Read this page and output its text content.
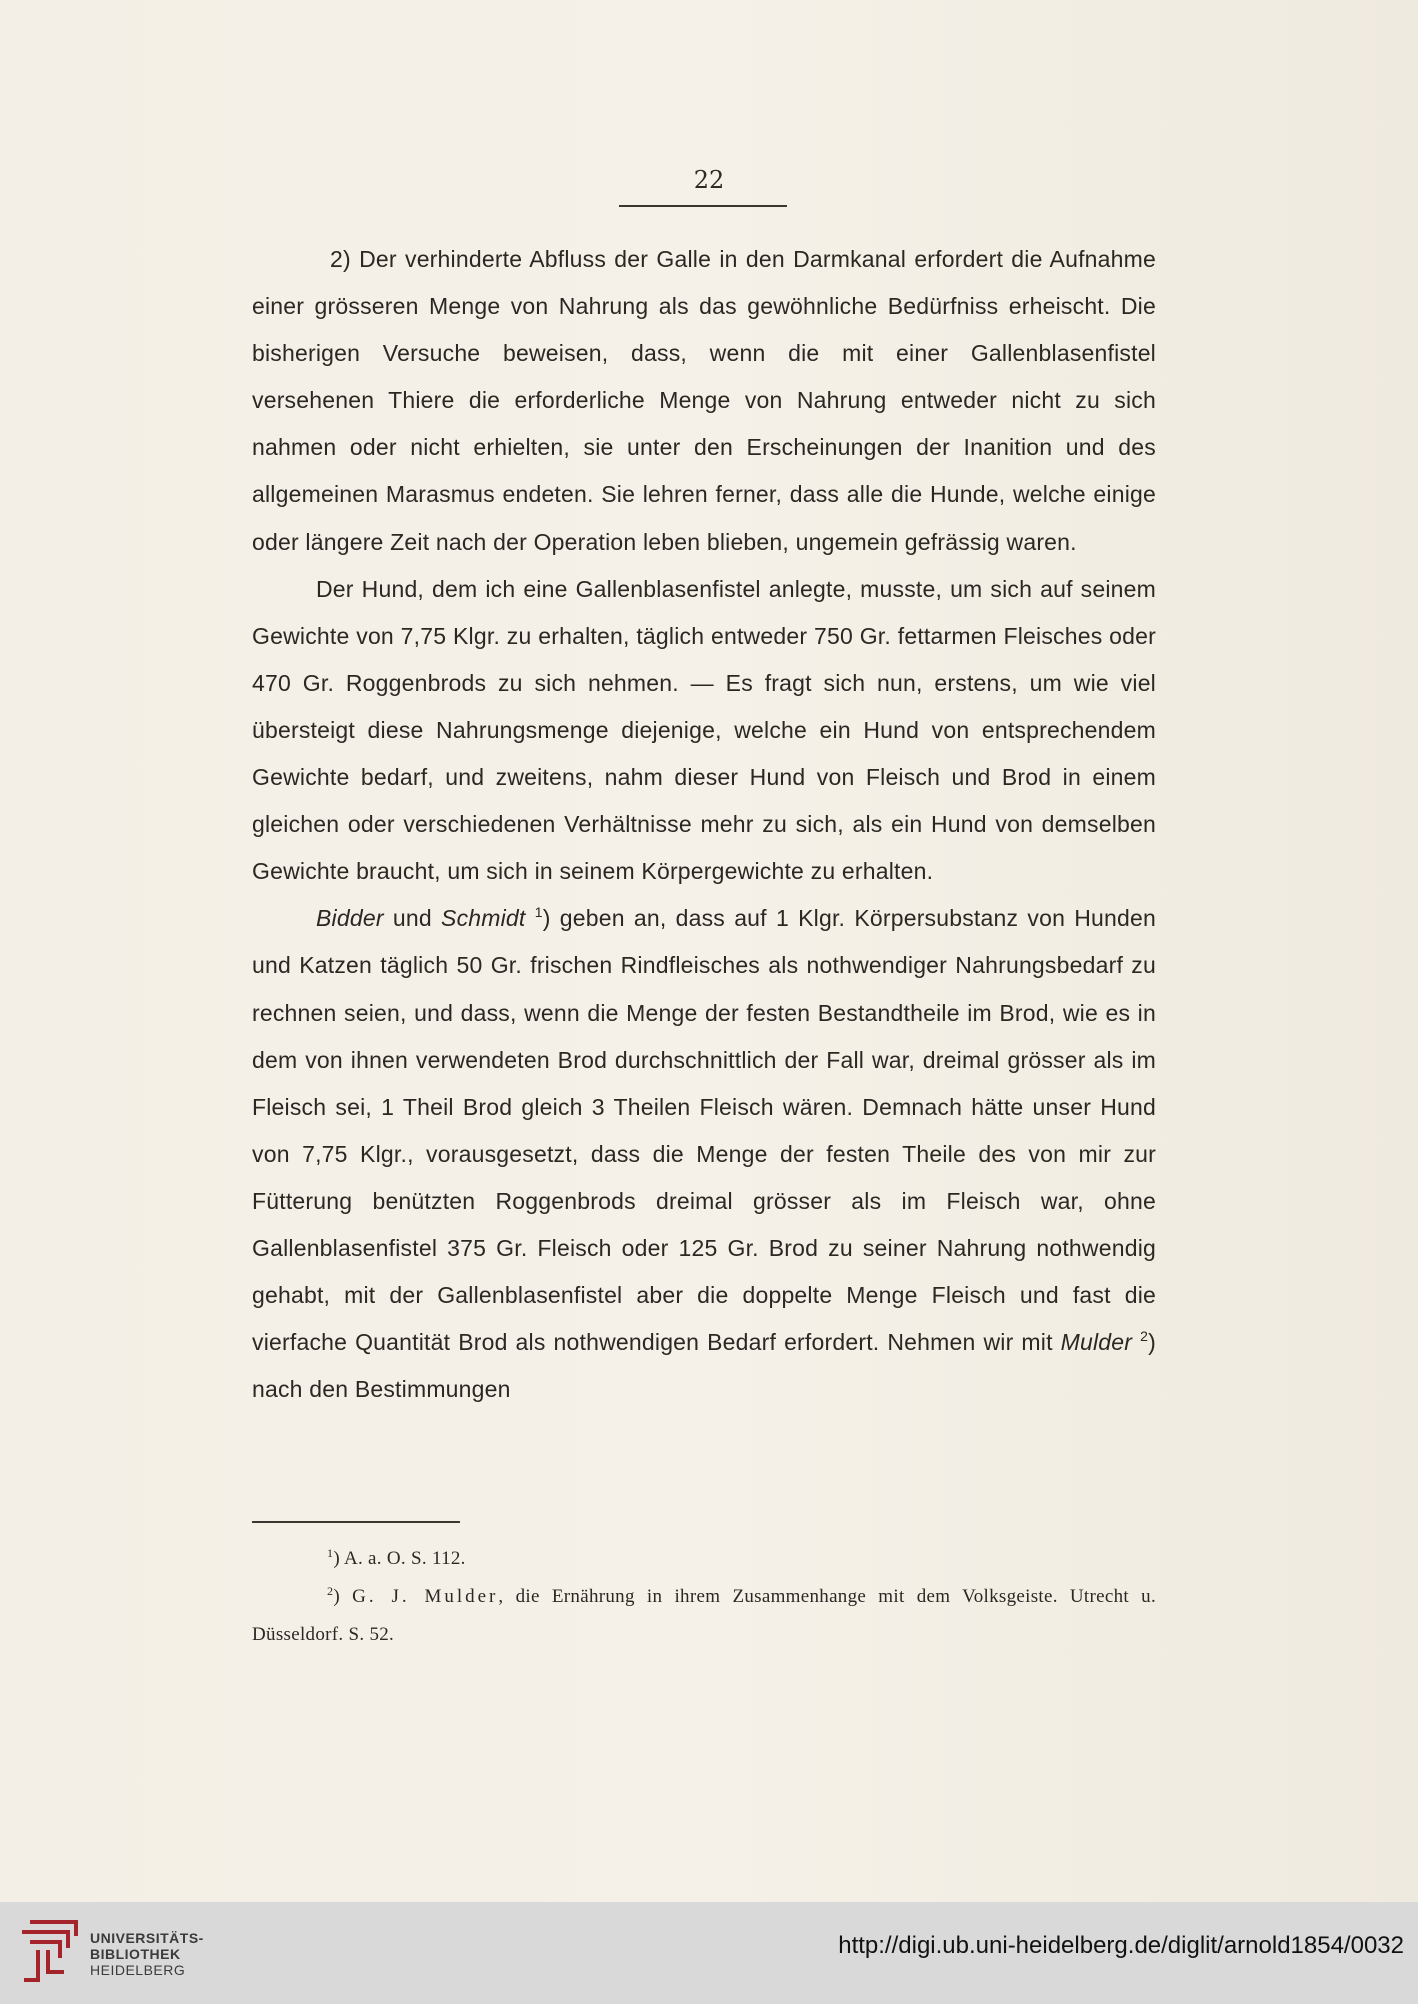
22

2) Der verhinderte Abfluss der Galle in den Darmkanal erfordert die Aufnahme einer grösseren Menge von Nahrung als das gewöhnliche Bedürfniss erheischt. Die bisherigen Versuche beweisen, dass, wenn die mit einer Gallenblasenfistel versehenen Thiere die erforderliche Menge von Nahrung entweder nicht zu sich nahmen oder nicht erhielten, sie unter den Erscheinungen der Inanition und des allgemeinen Marasmus endeten. Sie lehren ferner, dass alle die Hunde, welche einige oder längere Zeit nach der Operation leben blieben, ungemein gefrässig waren.

Der Hund, dem ich eine Gallenblasenfistel anlegte, musste, um sich auf seinem Gewichte von 7,75 Klgr. zu erhalten, täglich entweder 750 Gr. fettarmen Fleisches oder 470 Gr. Roggenbrods zu sich nehmen. — Es fragt sich nun, erstens, um wie viel übersteigt diese Nahrungsmenge diejenige, welche ein Hund von entsprechendem Gewichte bedarf, und zweitens, nahm dieser Hund von Fleisch und Brod in einem gleichen oder verschiedenen Verhältnisse mehr zu sich, als ein Hund von demselben Gewichte braucht, um sich in seinem Körpergewichte zu erhalten.

Bidder und Schmidt $^1$) geben an, dass auf 1 Klgr. Körpersubstanz von Hunden und Katzen täglich 50 Gr. frischen Rindfleisches als nothwendiger Nahrungsbedarf zu rechnen seien, und dass, wenn die Menge der festen Bestandtheile im Brod, wie es in dem von ihnen verwendeten Brod durchschnittlich der Fall war, dreimal grösser als im Fleisch sei, 1 Theil Brod gleich 3 Theilen Fleisch wären. Demnach hätte unser Hund von 7,75 Klgr., vorausgesetzt, dass die Menge der festen Theile des von mir zur Fütterung benützten Roggenbrods dreimal grösser als im Fleisch war, ohne Gallenblasenfistel 375 Gr. Fleisch oder 125 Gr. Brod zu seiner Nahrung nothwendig gehabt, mit der Gallenblasenfistel aber die doppelte Menge Fleisch und fast die vierfache Quantität Brod als nothwendigen Bedarf erfordert. Nehmen wir mit Mulder $^2$) nach den Bestimmungen

$^1$) A. a. O. S. 112.

$^2$) G. J. Mulder, die Ernährung in ihrem Zusammenhange mit dem Volksgeiste. Utrecht u. Düsseldorf. S. 52.

UNIVERSITÄTS-
BIBLIOTHEK
HEIDELBERG
http://digi.ub.uni-heidelberg.de/diglit/arnold1854/0032
